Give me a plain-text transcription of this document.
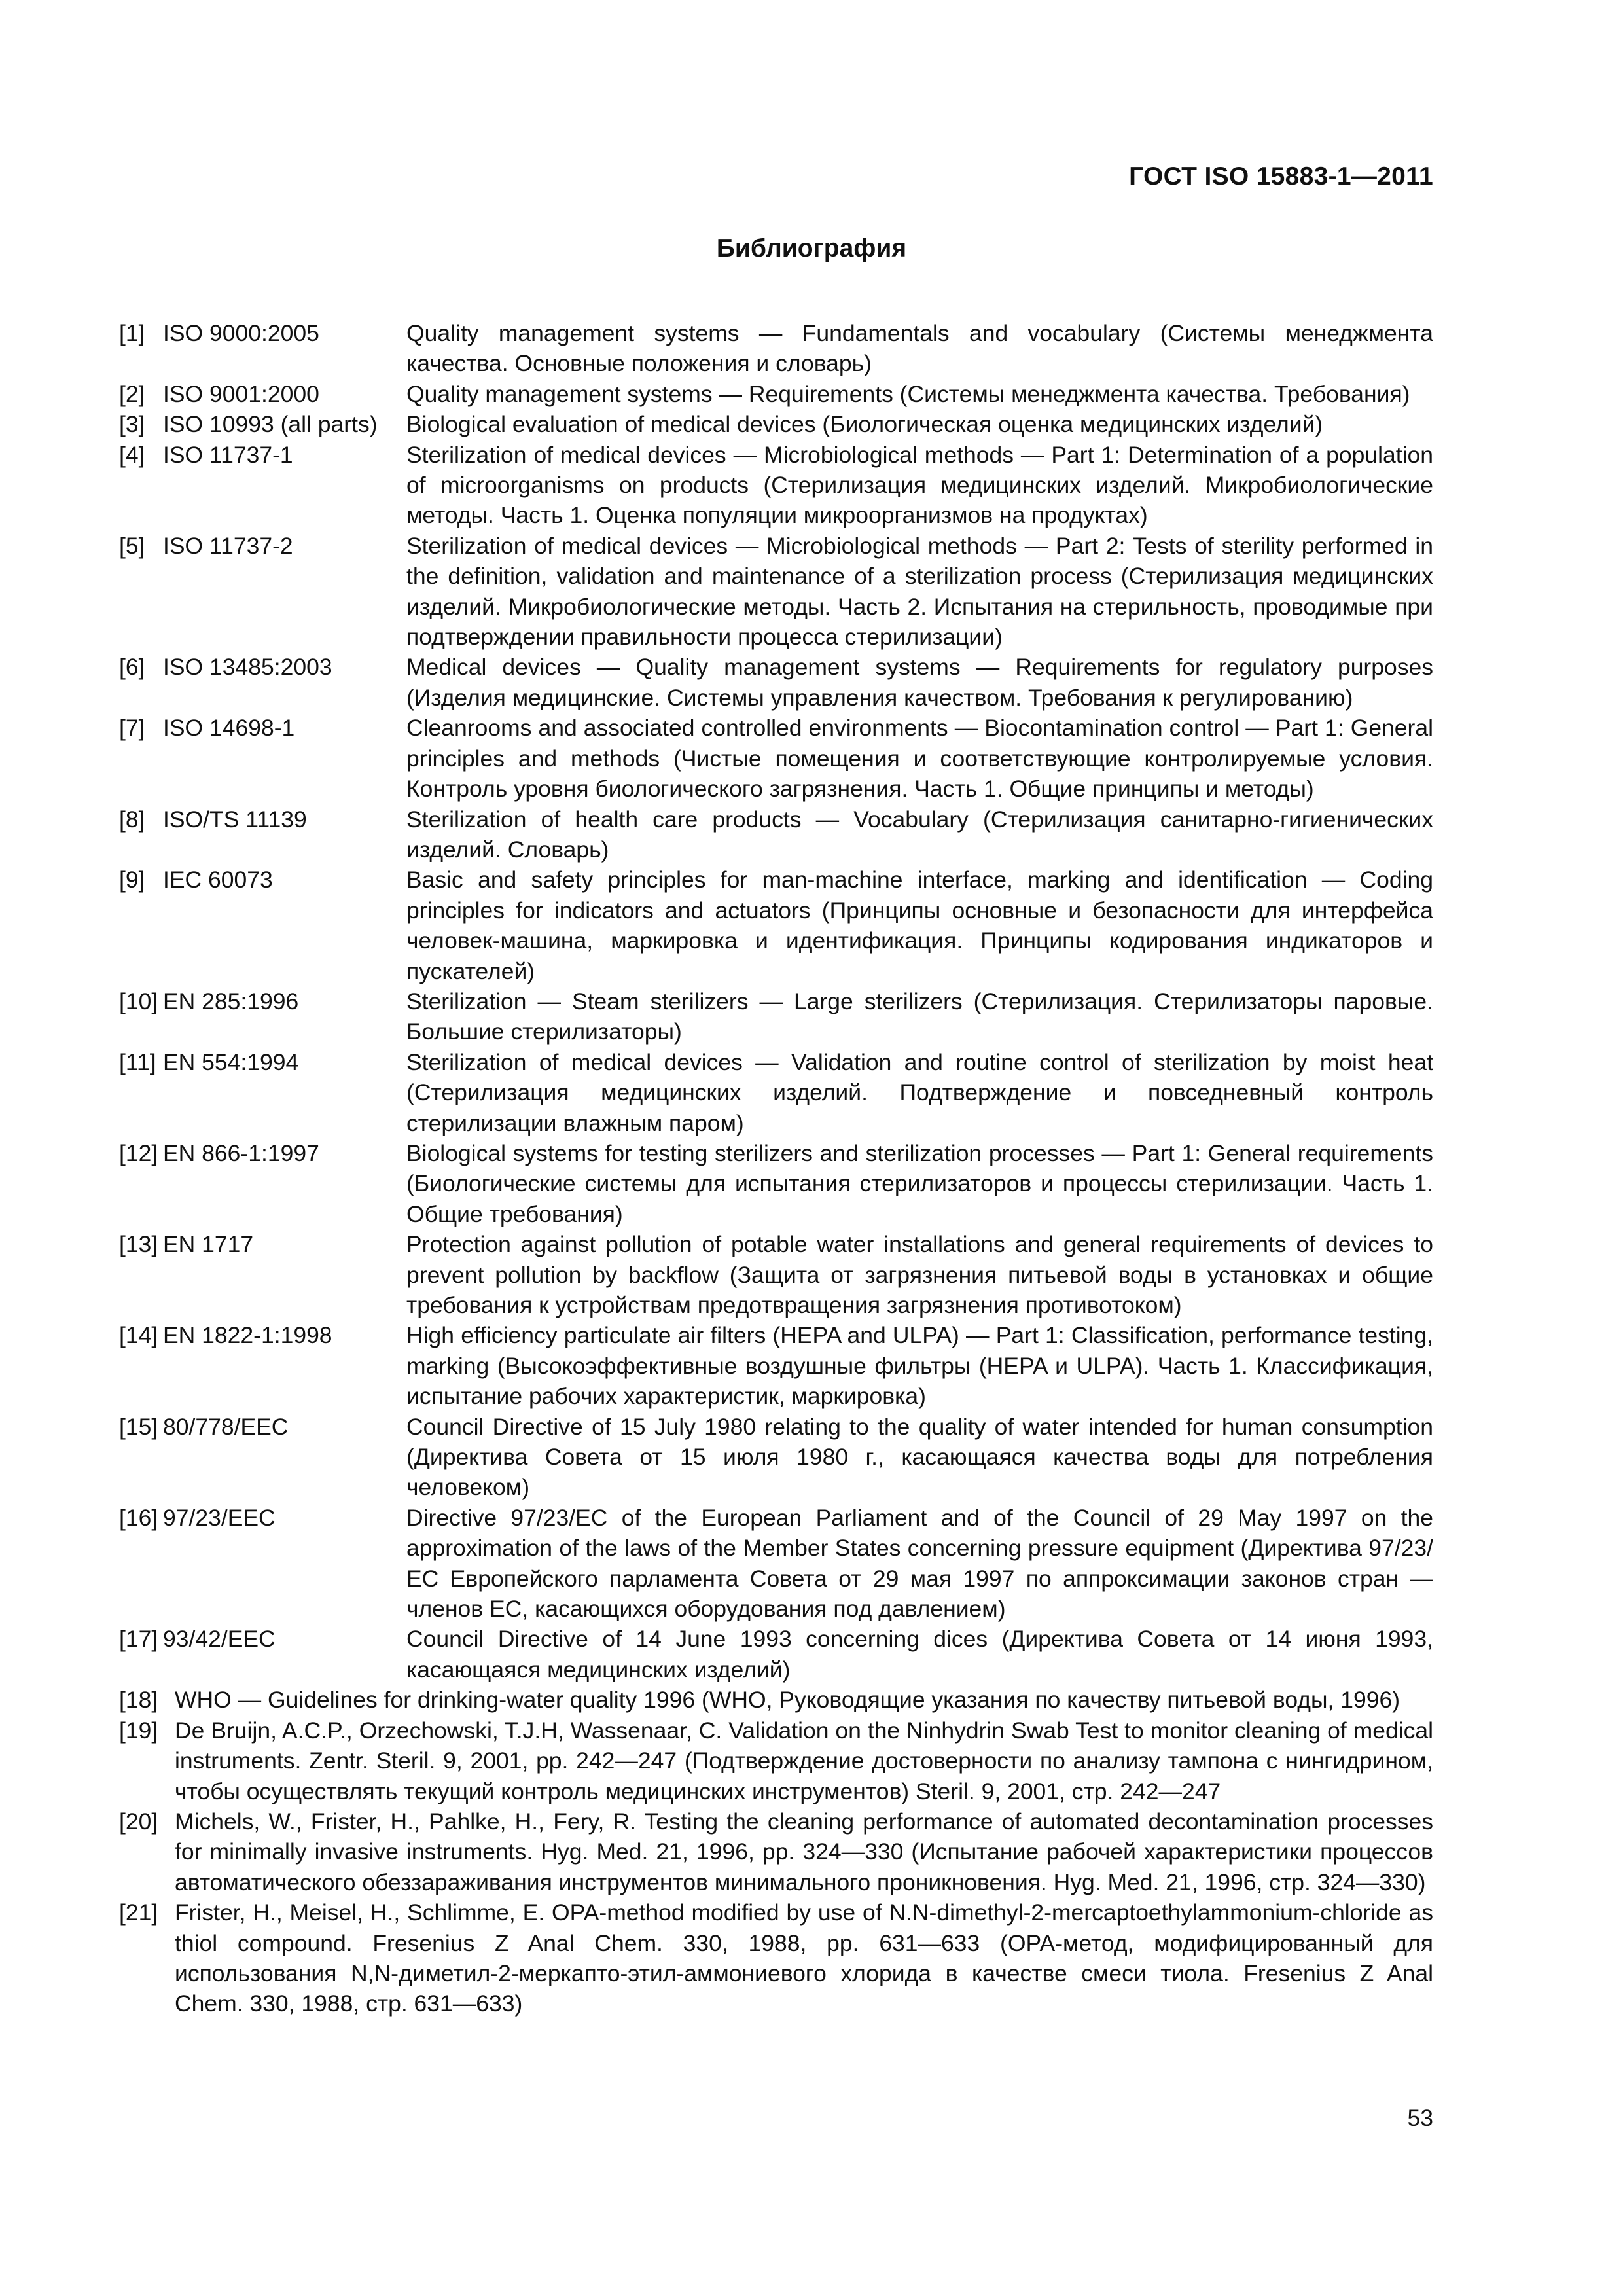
ГОСТ ISO 15883-1—2011
Библиография
[1] ISO 9000:2005	Quality management systems — Fundamentals and vocabulary (Системы менеджмента качества. Основные положения и словарь)
[2] ISO 9001:2000	Quality management systems — Requirements (Системы менеджмента качества. Требования)
[3] ISO 10993 (all parts)	Biological evaluation of medical devices (Биологическая оценка медицинских изделий)
[4] ISO 11737-1	Sterilization of medical devices — Microbiological methods — Part 1: Determination of a population of microorganisms on products (Стерилизация медицинских изделий. Микробиологические методы. Часть 1. Оценка популяции микроорганизмов на продуктах)
[5] ISO 11737-2	Sterilization of medical devices — Microbiological methods — Part 2: Tests of sterility performed in the definition, validation and maintenance of a sterilization process (Стерилизация медицинских изделий. Микробиологические методы. Часть 2. Испытания на стерильность, проводимые при подтверждении правильности процесса стерилизации)
[6] ISO 13485:2003	Medical devices — Quality management systems — Requirements for regulatory purposes (Изделия медицинские. Системы управления качеством. Требования к регулированию)
[7] ISO 14698-1	Cleanrooms and associated controlled environments — Biocontamination control — Part 1: General principles and methods (Чистые помещения и соответствующие контролируемые условия. Контроль уровня биологического загрязнения. Часть 1. Общие принципы и методы)
[8] ISO/TS 11139	Sterilization of health care products — Vocabulary (Стерилизация санитарно-гигиенических изделий. Словарь)
[9] IEC 60073	Basic and safety principles for man-machine interface, marking and identification — Coding principles for indicators and actuators (Принципы основные и безопасности для интерфейса человек-машина, маркировка и идентификация. Принципы кодирования индикаторов и пускателей)
[10] EN 285:1996	Sterilization — Steam sterilizers — Large sterilizers (Стерилизация. Стерилизаторы паровые. Большие стерилизаторы)
[11] EN 554:1994	Sterilization of medical devices — Validation and routine control of sterilization by moist heat (Стерилизация медицинских изделий. Подтверждение и повседневный контроль стерилизации влажным паром)
[12] EN 866-1:1997	Biological systems for testing sterilizers and sterilization processes — Part 1: General requirements (Биологические системы для испытания стерилизаторов и процессы стерилизации. Часть 1. Общие требования)
[13] EN 1717	Protection against pollution of potable water installations and general requirements of devices to prevent pollution by backflow (Защита от загрязнения питьевой воды в установках и общие требования к устройствам предотвращения загрязнения противотоком)
[14] EN 1822-1:1998	High efficiency particulate air filters (HEPA and ULPA) — Part 1: Classification, performance testing, marking (Высокоэффективные воздушные фильтры (HEPA и ULPA). Часть 1. Классификация, испытание рабочих характеристик, маркировка)
[15] 80/778/EEC	Council Directive of 15 July 1980 relating to the quality of water intended for human consumption (Директива Совета от 15 июля 1980 г., касающаяся качества воды для потребления человеком)
[16] 97/23/EEC	Directive 97/23/EC of the European Parliament and of the Council of 29 May 1997 on the approximation of the laws of the Member States concerning pressure equipment (Директива 97/23/ЕС Европейского парламента Совета от 29 мая 1997 по аппроксимации законов стран — членов ЕС, касающихся оборудования под давлением)
[17] 93/42/EEC	Council Directive of 14 June 1993 concerning dices (Директива Совета от 14 июня 1993, касающаяся медицинских изделий)
[18] WHO — Guidelines for drinking-water quality 1996 (WHO, Руководящие указания по качеству питьевой воды, 1996)
[19] De Bruijn, A.C.P., Orzechowski, T.J.H, Wassenaar, C. Validation on the Ninhydrin Swab Test to monitor cleaning of medical instruments. Zentr. Steril. 9, 2001, pp. 242—247 (Подтверждение достоверности по анализу тампона с нингидрином, чтобы осуществлять текущий контроль медицинских инструментов) Steril. 9, 2001, стр. 242—247
[20] Michels, W., Frister, H., Pahlke, H., Fery, R. Testing the cleaning performance of automated decontamination processes for minimally invasive instruments. Hyg. Med. 21, 1996, pp. 324—330 (Испытание рабочей характеристики процессов автоматического обеззараживания инструментов минимального проникновения. Hyg. Med. 21, 1996, стр. 324—330)
[21] Frister, H., Meisel, H., Schlimme, E. OPA-method modified by use of N.N-dimethyl-2-mercaptoethylammonium-chloride as thiol compound. Fresenius Z Anal Chem. 330, 1988, pp. 631—633 (OPA-метод, модифицированный для использования N,N-диметил-2-меркапто-этил-аммониевого хлорида в качестве смеси тиола. Fresenius Z Anal Chem. 330, 1988, стр. 631—633)
53
